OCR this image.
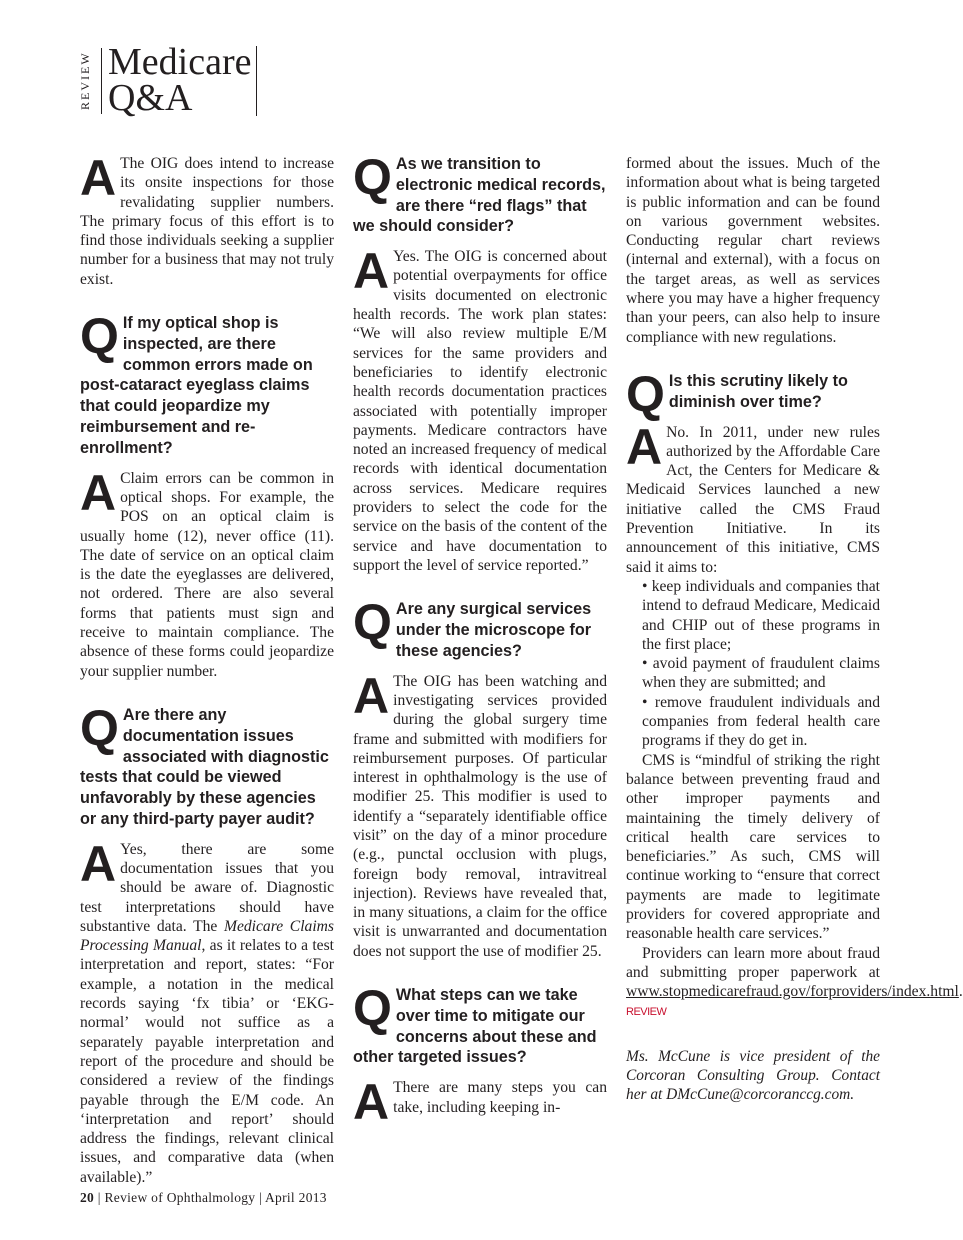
REVIEW Medicare
Q&A

A The OIG does intend to increase its onsite inspections for those revalidating supplier numbers. The primary focus of this effort is to find those individuals seeking a supplier number for a business that may not truly exist.

Q If my optical shop is inspected, are there common errors made on post-cataract eyeglass claims that could jeopardize my reimbursement and re-enrollment?

A Claim errors can be common in optical shops. For example, the POS on an optical claim is usually home (12), never office (11). The date of service on an optical claim is the date the eyeglasses are delivered, not ordered. There are also several forms that patients must sign and receive to maintain compliance. The absence of these forms could jeopardize your supplier number.

Q Are there any documentation issues associated with diagnostic tests that could be viewed unfavorably by these agencies or any third-party payer audit?

A Yes, there are some documentation issues that you should be aware of. Diagnostic test interpretations should have substantive data. The Medicare Claims Processing Manual, as it relates to a test interpretation and report, states: “For example, a notation in the medical records saying ‘fx tibia’ or ‘EKG-normal’ would not suffice as a separately payable interpretation and report of the procedure and should be considered a review of the findings payable through the E/M code. An ‘interpretation and report’ should address the findings, relevant clinical issues, and comparative data (when available).”

Q As we transition to electronic medical records, are there “red flags” that we should consider?

A Yes. The OIG is concerned about potential overpayments for office visits documented on electronic health records. The work plan states: “We will also review multiple E/M services for the same providers and beneficiaries to identify electronic health records documentation practices associated with potentially improper payments. Medicare contractors have noted an increased frequency of medical records with identical documentation across services. Medicare requires providers to select the code for the service on the basis of the content of the service and have documentation to support the level of service reported.”

Q Are any surgical services under the microscope for these agencies?

A The OIG has been watching and investigating services provided during the global surgery time frame and submitted with modifiers for reimbursement purposes. Of particular interest in ophthalmology is the use of modifier 25. This modifier is used to identify a “separately identifiable office visit” on the day of a minor procedure (e.g., punctal occlusion with plugs, foreign body removal, intravitreal injection). Reviews have revealed that, in many situations, a claim for the office visit is unwarranted and documentation does not support the use of modifier 25.

Q What steps can we take over time to mitigate our concerns about these and other targeted issues?

A There are many steps you can take, including keeping in-

formed about the issues. Much of the information about what is being targeted is public information and can be found on various government websites. Conducting regular chart reviews (internal and external), with a focus on the target areas, as well as services where you may have a higher frequency than your peers, can also help to insure compliance with new regulations.

Q Is this scrutiny likely to diminish over time?

A No. In 2011, under new rules authorized by the Affordable Care Act, the Centers for Medicare & Medicaid Services launched a new initiative called the CMS Fraud Prevention Initiative. In its announcement of this initiative, CMS said it aims to:

• keep individuals and companies that intend to defraud Medicare, Medicaid and CHIP out of these programs in the first place;

• avoid payment of fraudulent claims when they are submitted; and

• remove fraudulent individuals and companies from federal health care programs if they do get in.

CMS is “mindful of striking the right balance between preventing fraud and other improper payments and maintaining the timely delivery of critical health care services to beneficiaries.” As such, CMS will continue working to “ensure that correct payments are made to legitimate providers for covered appropriate and reasonable health care services.”

Providers can learn more about fraud and submitting proper paperwork at www.stopmedicarefraud.gov/forproviders/index.html. REVIEW

Ms. McCune is vice president of the Corcoran Consulting Group. Contact her at DMcCune@corcoranccg.com.

20 | Review of Ophthalmology | April 2013
